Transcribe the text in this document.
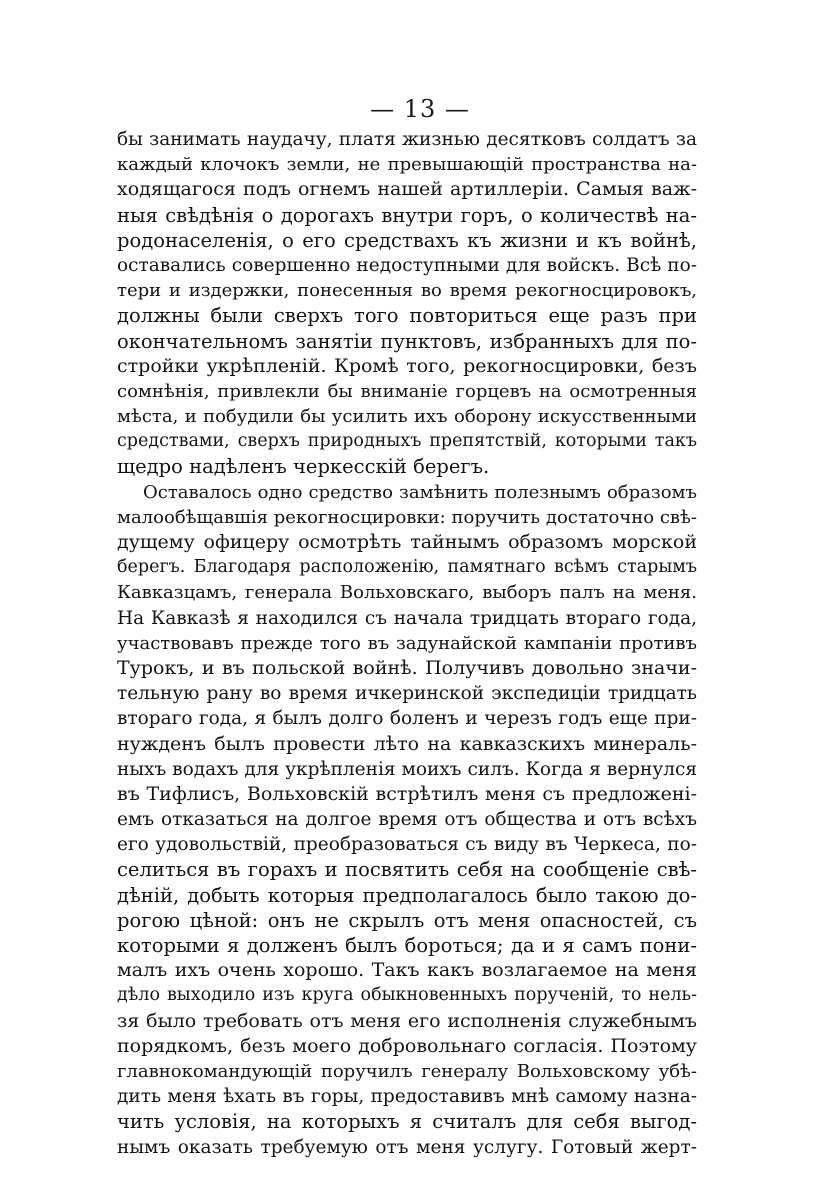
— 13 —
бы занимать наудачу, платя жизнью десятковъ солдатъ за
каждый клочокъ земли, не превышающій пространства на-
ходящагося подъ огнемъ нашей артиллеріи. Самыя важ-
ныя свѣдѣнія о дорогахъ внутри горъ, о количествѣ на-
родонаселенія, о его средствахъ къ жизни и къ войнѣ,
оставались совершенно недоступными для войскъ. Всѣ по-
тери и издержки, понесенныя во время рекогносцировокъ,
должны были сверхъ того повториться еще разъ при
окончательномъ занятіи пунктовъ, избранныхъ для по-
стройки укрѣпленій. Кромѣ того, рекогносцировки, безъ
сомнѣнія, привлекли бы вниманіе горцевъ на осмотренныя
мѣста, и побудили бы усилить ихъ оборону искусственными
средствами, сверхъ природныхъ препятствій, которыми такъ
щедро надѣленъ черкесскій берегъ.
Оставалось одно средство замѣнить полезнымъ образомъ
малообѣщавшія рекогносцировки: поручить достаточно свѣ-
дущему офицеру осмотрѣть тайнымъ образомъ морской
берегъ. Благодаря расположенію, памятнаго всѣмъ старымъ
Кавказцамъ, генерала Вольховскаго, выборъ палъ на меня.
На Кавказѣ я находился съ начала тридцать втораго года,
участвовавъ прежде того въ задунайской кампаніи противъ
Турокъ, и въ польской войнѣ. Получивъ довольно значи-
тельную рану во время ичкеринской экспедиціи тридцать
втораго года, я былъ долго боленъ и черезъ годъ еще при-
нужденъ былъ провести лѣто на кавказскихъ минераль-
ныхъ водахъ для укрѣпленія моихъ силъ. Когда я вернулся
въ Тифлисъ, Вольховскій встрѣтилъ меня съ предложені-
емъ отказаться на долгое время отъ общества и отъ всѣхъ
его удовольствій, преобразоваться съ виду въ Черкеса, по-
селиться въ горахъ и посвятить себя на сообщеніе свѣ-
дѣній, добыть которыя предполагалось было такою до-
рогою цѣной: онъ не скрылъ отъ меня опасностей, съ
которыми я долженъ былъ бороться; да и я самъ пони-
малъ ихъ очень хорошо. Такъ какъ возлагаемое на меня
дѣло выходило изъ круга обыкновенныхъ порученій, то нель-
зя было требовать отъ меня его исполненія служебнымъ
порядкомъ, безъ моего добровольнаго согласія. Поэтому
главнокомандующій поручилъ генералу Вольховскому убѣ-
дить меня ѣхать въ горы, предоставивъ мнѣ самому назна-
чить условія, на которыхъ я считалъ для себя выгод-
нымъ оказать требуемую отъ меня услугу. Готовый жерт-
